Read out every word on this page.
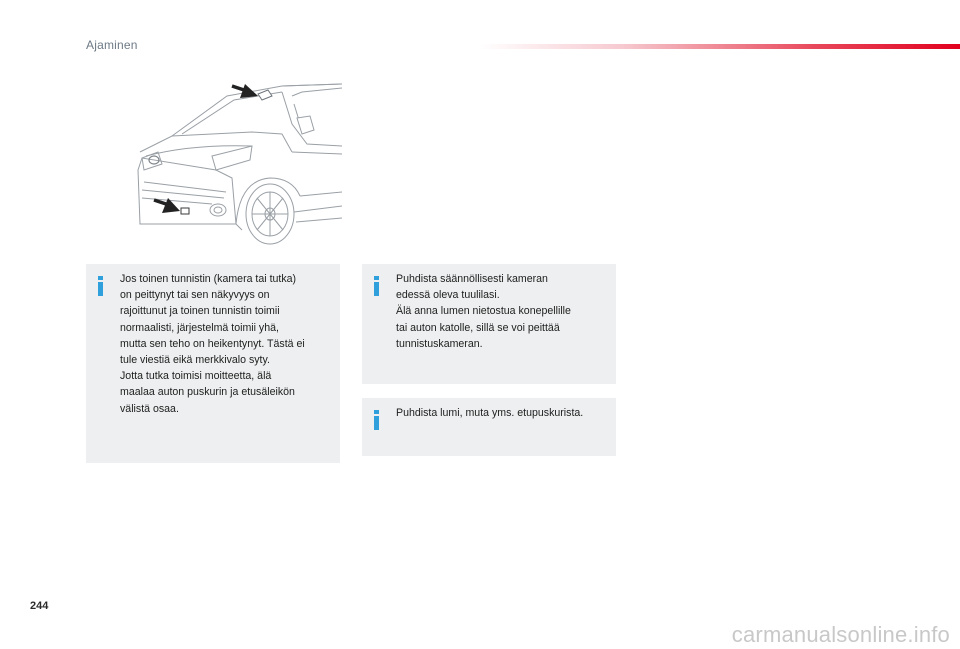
Ajaminen

Jos toinen tunnistin (kamera tai tutka)

on peittynyt tai sen näkyvyys on

rajoittunut ja toinen tunnistin toimii

normaalisti, järjestelmä toimii yhä,

mutta sen teho on heikentynyt. Tästä ei

tule viestiä eikä merkkivalo syty.

Jotta tutka toimisi moitteetta, älä

maalaa auton puskurin ja etusäleikön

välistä osaa.

Puhdista säännöllisesti kameran

edessä oleva tuulilasi.

Älä anna lumen nietostua konepellille

tai auton katolle, sillä se voi peittää

tunnistuskameran.

Puhdista lumi, muta yms. etupuskurista.

244
carmanualsonline.info
